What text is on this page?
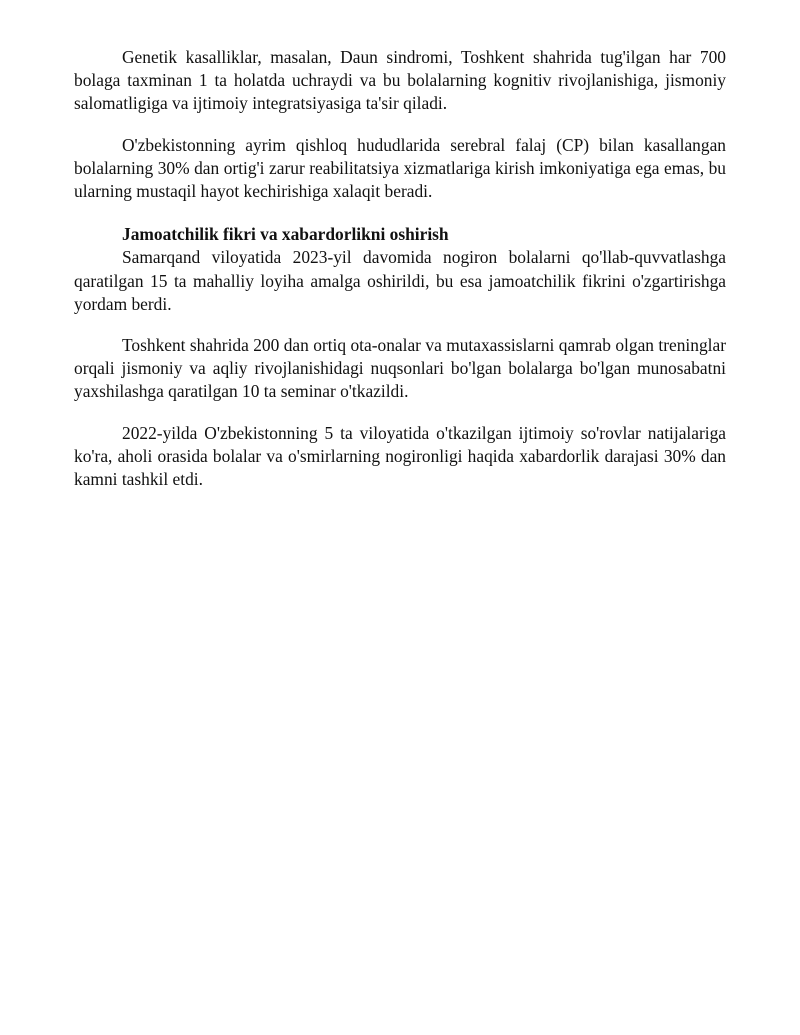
Genetik kasalliklar, masalan, Daun sindromi, Toshkent shahrida tug'ilgan har 700 bolaga taxminan 1 ta holatda uchraydi va bu bolalarning kognitiv rivojlanishiga, jismoniy salomatligiga va ijtimoiy integratsiyasiga ta'sir qiladi.

O'zbekistonning ayrim qishloq hududlarida serebral falaj (CP) bilan kasallangan bolalarning 30% dan ortig'i zarur reabilitatsiya xizmatlariga kirish imkoniyatiga ega emas, bu ularning mustaqil hayot kechirishiga xalaqit beradi.

Jamoatchilik fikri va xabardorlikni oshirish

Samarqand viloyatida 2023-yil davomida nogiron bolalarni qo'llab-quvvatlashga qaratilgan 15 ta mahalliy loyiha amalga oshirildi, bu esa jamoatchilik fikrini o'zgartirishga yordam berdi.

Toshkent shahrida 200 dan ortiq ota-onalar va mutaxassislarni qamrab olgan treninglar orqali jismoniy va aqliy rivojlanishidagi nuqsonlari bo'lgan bolalarga bo'lgan munosabatni yaxshilashga qaratilgan 10 ta seminar o'tkazildi.

2022-yilda O'zbekistonning 5 ta viloyatida o'tkazilgan ijtimoiy so'rovlar natijalariga ko'ra, aholi orasida bolalar va o'smirlarning nogironligi haqida xabardorlik darajasi 30% dan kamni tashkil etdi.
